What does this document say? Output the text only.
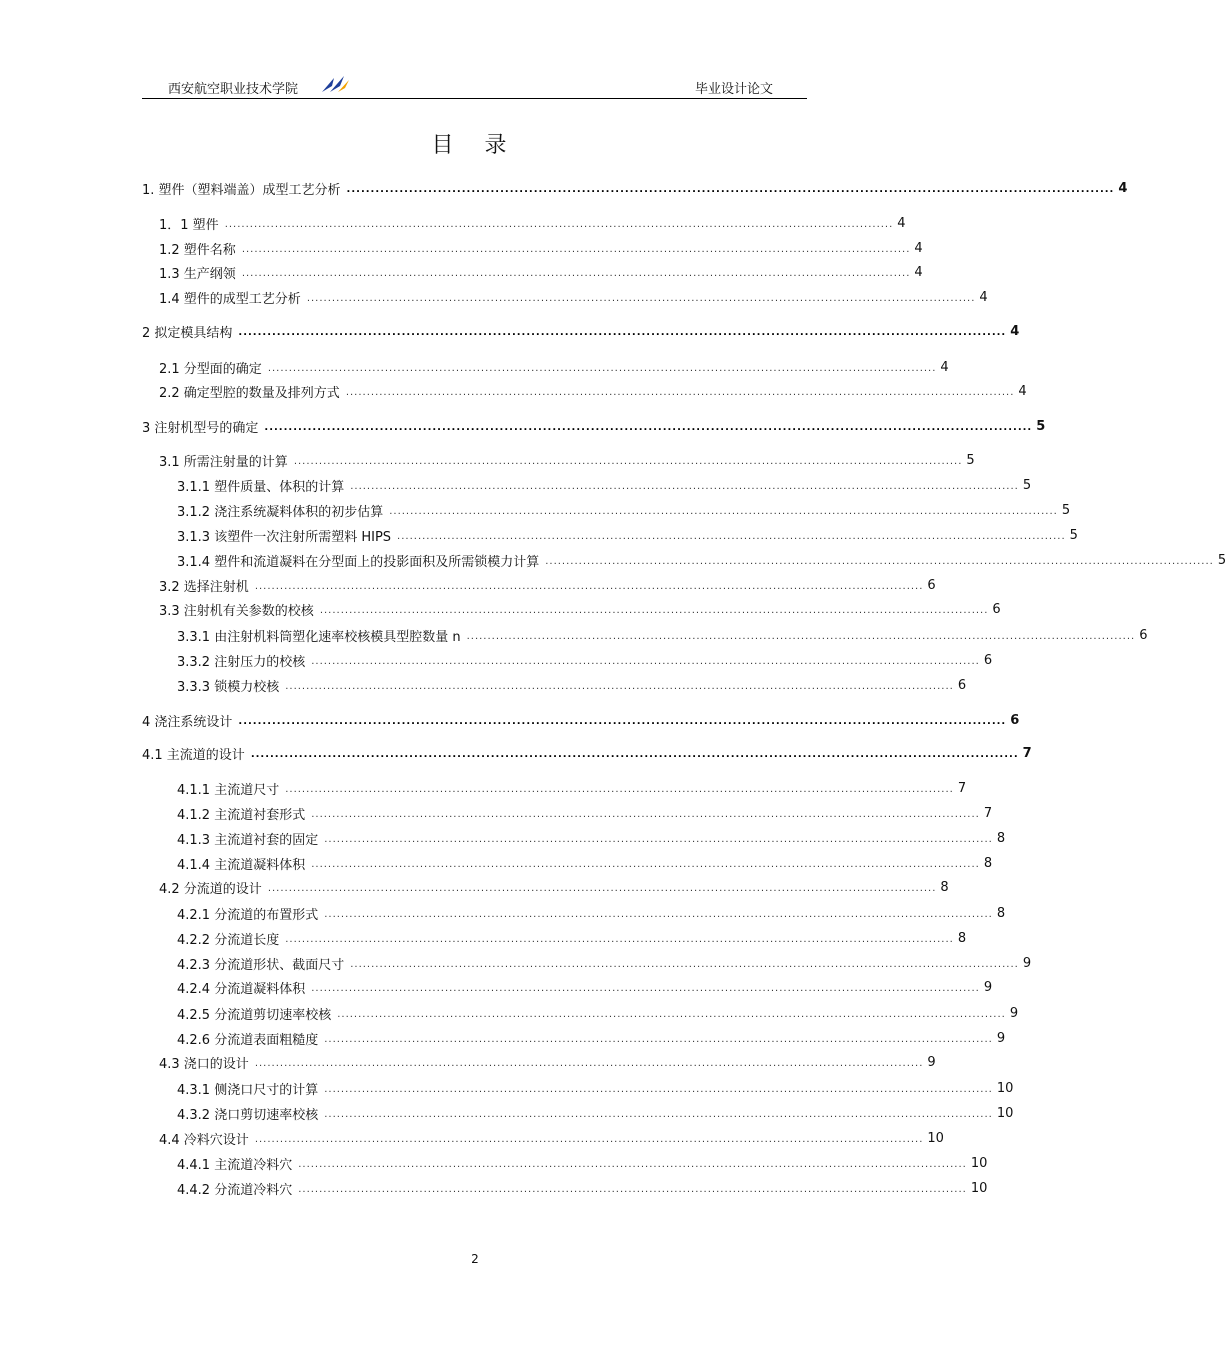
西安航空职业技术学院	毕业设计论文
目 录
1. 塑件（塑料端盖）成型工艺分析 ................................................................................................................................................................ 4
1．1 塑件 ................................................................................................................................................................ 4
1.2 塑件名称 ................................................................................................................................................................ 4
1.3 生产纲领 ................................................................................................................................................................ 4
1.4 塑件的成型工艺分析 ................................................................................................................................................................ 4
2 拟定模具结构 ................................................................................................................................................................ 4
2.1 分型面的确定 ................................................................................................................................................................ 4
2.2 确定型腔的数量及排列方式 ................................................................................................................................................................ 4
3 注射机型号的确定 ................................................................................................................................................................ 5
3.1 所需注射量的计算 ................................................................................................................................................................ 5
3.1.1 塑件质量、体积的计算 ................................................................................................................................................................ 5
3.1.2 浇注系统凝料体积的初步估算 ................................................................................................................................................................ 5
3.1.3 该塑件一次注射所需塑料 HIPS ................................................................................................................................................................ 5
3.1.4 塑件和流道凝料在分型面上的投影面积及所需锁模力计算 ................................................................................................................................................................ 5
3.2 选择注射机 ................................................................................................................................................................ 6
3.3 注射机有关参数的校核 ................................................................................................................................................................ 6
3.3.1 由注射机料筒塑化速率校核模具型腔数量 n ................................................................................................................................................................ 6
3.3.2 注射压力的校核 ................................................................................................................................................................ 6
3.3.3 锁模力校核 ................................................................................................................................................................ 6
4 浇注系统设计 ................................................................................................................................................................ 6
4.1 主流道的设计 ................................................................................................................................................................ 7
4.1.1 主流道尺寸 ................................................................................................................................................................ 7
4.1.2 主流道衬套形式 ................................................................................................................................................................ 7
4.1.3 主流道衬套的固定 ................................................................................................................................................................ 8
4.1.4 主流道凝料体积 ................................................................................................................................................................ 8
4.2 分流道的设计 ................................................................................................................................................................ 8
4.2.1 分流道的布置形式 ................................................................................................................................................................ 8
4.2.2 分流道长度 ................................................................................................................................................................ 8
4.2.3 分流道形状、截面尺寸 ................................................................................................................................................................ 9
4.2.4 分流道凝料体积 ................................................................................................................................................................ 9
4.2.5 分流道剪切速率校核 ................................................................................................................................................................ 9
4.2.6 分流道表面粗糙度 ................................................................................................................................................................ 9
4.3 浇口的设计 ................................................................................................................................................................ 9
4.3.1 侧浇口尺寸的计算 ................................................................................................................................................................ 10
4.3.2 浇口剪切速率校核 ................................................................................................................................................................ 10
4.4 冷料穴设计 ................................................................................................................................................................ 10
4.4.1 主流道冷料穴 ................................................................................................................................................................ 10
4.4.2 分流道冷料穴 ................................................................................................................................................................ 10
2
